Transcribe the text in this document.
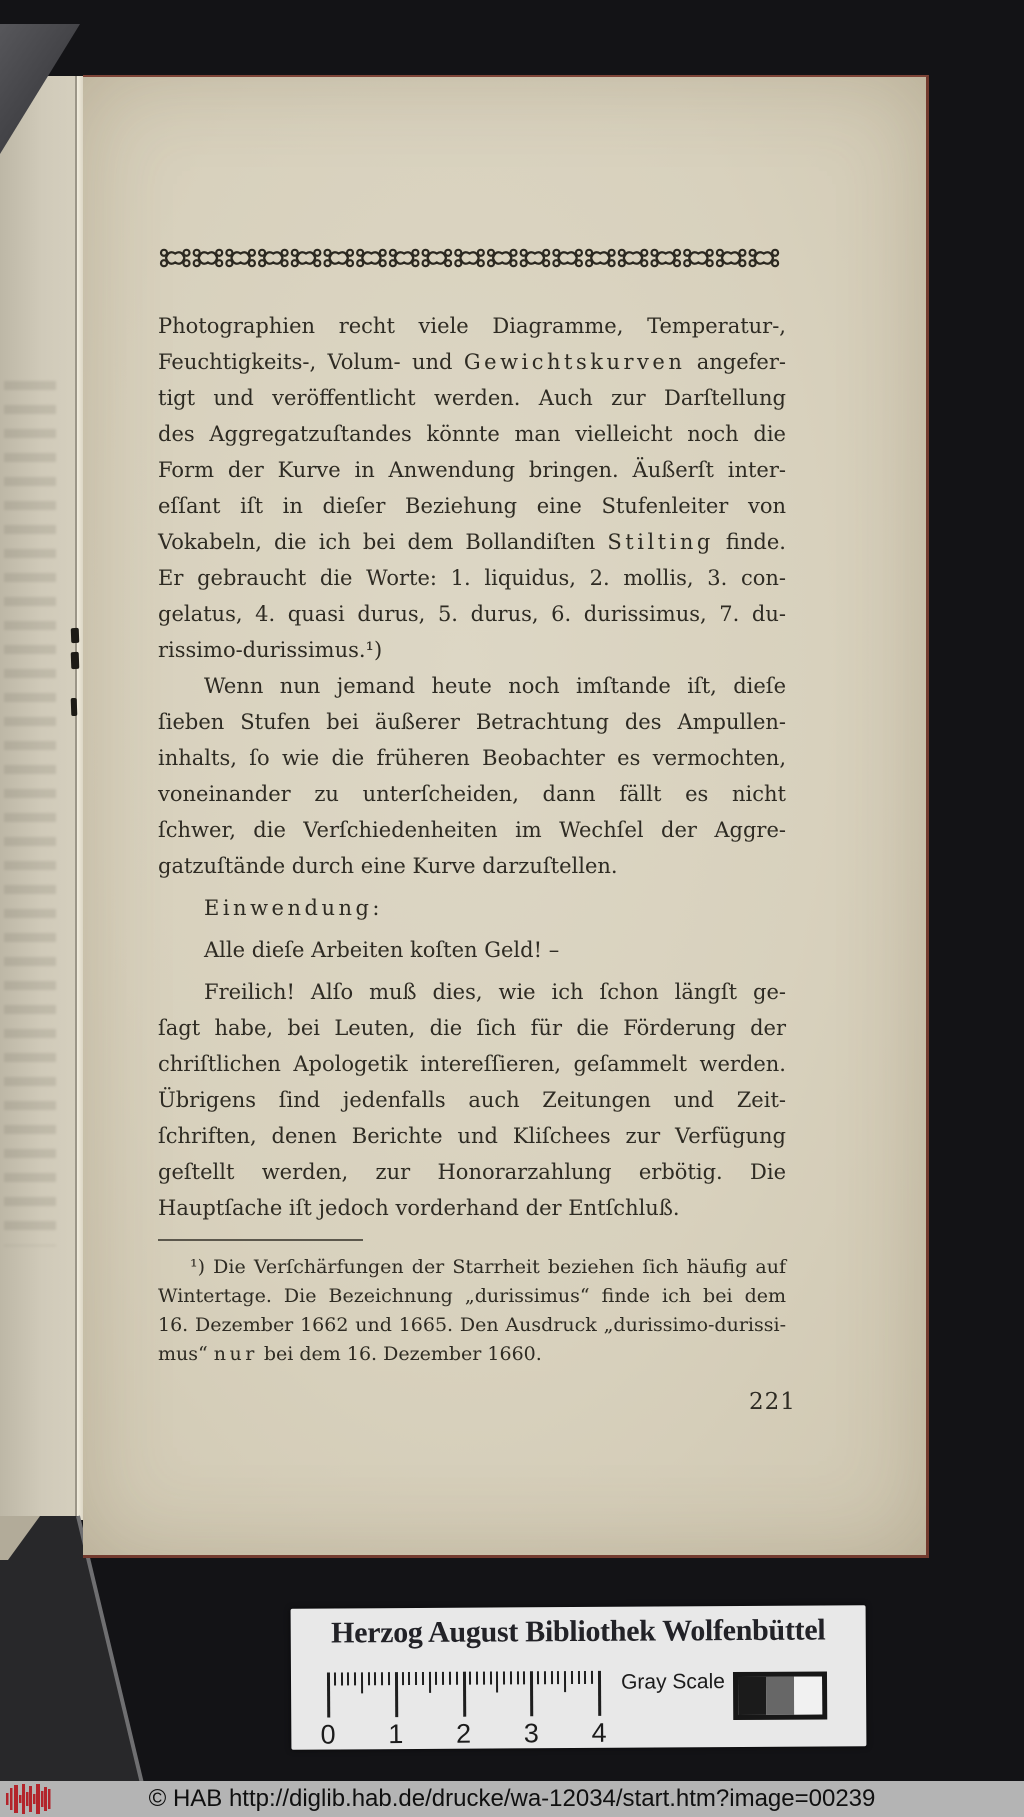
Photographien recht viele Diagramme, Temperatur-,
Feuchtigkeits-, Volum- und Gewichtskurven angefer-
tigt und veröffentlicht werden. Auch zur Darſtellung
des Aggregatzuſtandes könnte man vielleicht noch die
Form der Kurve in Anwendung bringen. Äußerſt inter-
eſſant iſt in dieſer Beziehung eine Stufenleiter von
Vokabeln, die ich bei dem Bollandiſten Stilting finde.
Er gebraucht die Worte: 1. liquidus, 2. mollis, 3. con-
gelatus, 4. quasi durus, 5. durus, 6. durissimus, 7. du-
rissimo-durissimus.¹)
Wenn nun jemand heute noch imſtande iſt, dieſe
ſieben Stufen bei äußerer Betrachtung des Ampullen-
inhalts, ſo wie die früheren Beobachter es vermochten,
voneinander zu unterſcheiden, dann fällt es nicht
ſchwer, die Verſchiedenheiten im Wechſel der Aggre-
gatzuſtände durch eine Kurve darzuſtellen.
Einwendung:
Alle dieſe Arbeiten koſten Geld! –
Freilich! Alſo muß dies, wie ich ſchon längſt ge-
ſagt habe, bei Leuten, die ſich für die Förderung der
chriſtlichen Apologetik intereſſieren, geſammelt werden.
Übrigens ſind jedenfalls auch Zeitungen und Zeit-
ſchriften, denen Berichte und Kliſchees zur Verfügung
geſtellt werden, zur Honorarzahlung erbötig. Die
Hauptſache iſt jedoch vorderhand der Entſchluß.
¹) Die Verſchärfungen der Starrheit beziehen ſich häufig auf
Wintertage. Die Bezeichnung „durissimus“ finde ich bei dem
16. Dezember 1662 und 1665. Den Ausdruck „durissimo-durissi-
mus“ nur bei dem 16. Dezember 1660.
221
Herzog August Bibliothek Wolfenbüttel
0 1 2 3 4
Gray Scale
© HAB http://diglib.hab.de/drucke/wa-12034/start.htm?image=00239
